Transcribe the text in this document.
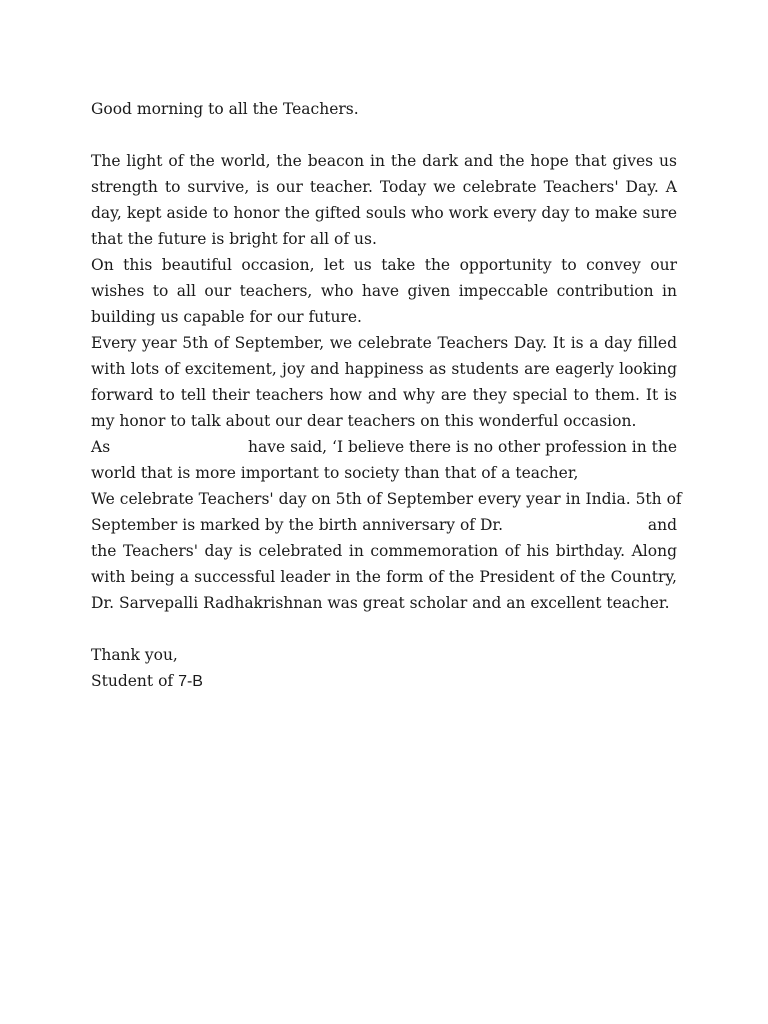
Good morning to all the Teachers.

The light of the world, the beacon in the dark and the hope that gives us strength to survive, is our teacher. Today we celebrate Teachers' Day. A day, kept aside to honor the gifted souls who work every day to make sure that the future is bright for all of us.

On this beautiful occasion, let us take the opportunity to convey our wishes to all our teachers, who have given impeccable contribution in building us capable for our future.

Every year 5th of September, we celebrate Teachers Day. It is a day filled with lots of excitement, joy and happiness as students are eagerly looking forward to tell their teachers how and why are they special to them. It is my honor to talk about our dear teachers on this wonderful occasion.

As	have said, ‘I believe there is no other profession in the
world that is more important to society than that of a teacher,
We celebrate Teachers' day on 5th of September every year in India. 5th of
September is marked by the birth anniversary of Dr.	and

the Teachers' day is celebrated in commemoration of his birthday. Along with being a successful leader in the form of the President of the Country, Dr. Sarvepalli Radhakrishnan was great scholar and an excellent teacher.

Thank you,

Student of 7-B
